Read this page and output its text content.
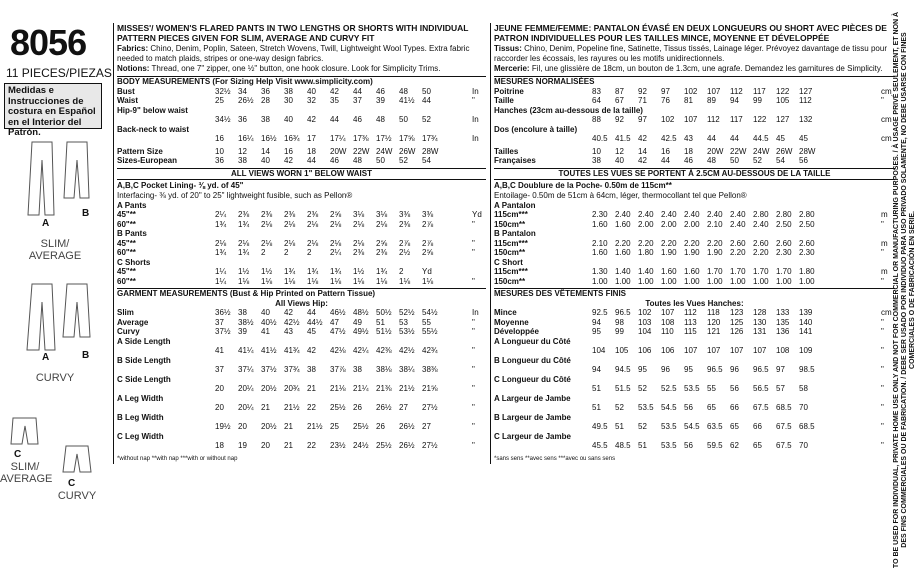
8056
11 PIECES/PIEZAS
Medidas e Instrucciones de costura en Español en el Interior del Patrón.
A
B
SLIM/ AVERAGE
A	B
CURVY
C
SLIM/ AVERAGE C
CURVY
MISSES'/ WOMEN'S FLARED PANTS IN TWO LENGTHS OR SHORTS WITH INDIVIDUAL PATTERN PIECES GIVEN FOR SLIM, AVERAGE AND CURVY FIT
Fabrics: Chino, Denim, Poplin, Sateen, Stretch Wovens, Twill, Lightweight Wool Types. Extra fabric needed to match plaids, stripes or one-way design fabrics.
Notions: Thread, one 7" zipper, one ½" button, one hook closure. Look for Simplicity Trims.
BODY MEASUREMENTS (For Sizing Help Visit www.simplicity.com)
Bust	32½ 34	36	38	40	42	44	46	48	50	In
Waist	25	26½ 28	30	32	35	37	39	41½ 44	"
Hip-9" below waist
34½ 36	38	40	42	44	46	48	50	52	In
Back-neck to waist
16	16¼ 16½ 16¾ 17	17¼ 17⅜ 17½ 17⅝ 17¾	In
Pattern Size	10	12	14	16	18	20W 22W 24W 26W 28W
Sizes-European	36	38	40	42	44	46	48	50	52	54
ALL VIEWS WORN 1" BELOW WAIST
A,B,C Pocket Lining- ⅜ yd. of 45"
Interfacing- ⅜ yd. of 20" to 25" lightweight fusible, such as Pellon®
A Pants
45"**	2¼	2⅜	2⅜	2⅜	2⅜	2⅝	3⅛	3⅛	3⅜	3⅜	Yd
60"**	1¾	1¾	2⅛	2⅛	2⅛	2⅛	2⅛	2⅛	2⅜	2⅞	"
B Pants
45"**	2⅛	2⅛	2⅛	2⅛	2⅛	2⅛	2⅛	2⅝	2⅞	2⅞	"
60"**	1¾	1¾	2	2	2	2¼	2⅜	2⅜	2½	2⅝	"
C Shorts
45"**	1¼	1½	1½	1¾	1¾	1¾	1½	1¾	2	Yd
60"**	1¼	1⅛	1⅛	1⅛	1⅛	1⅛	1⅛	1⅛	1⅛	1⅛	"
GARMENT MEASUREMENTS (Bust & Hip Printed on Pattern Tissue)
All Views Hip:
Slim	36½ 38	40	42	44	46½ 48½ 50½ 52½ 54½	In
Average	37	38½ 40½ 42½ 44½ 47	49	51	53	55	"
Curvy	37½ 39	41	43	45	47½ 49½ 51½ 53½ 55½	"
A Side Length
41	41¼ 41½ 41¾ 42	42⅛ 42¼ 42⅜ 42½ 42¾	"
B Side Length
37	37¼ 37½ 37¾ 38	37⅞ 38	38⅛ 38¼ 38⅜	"
C Side Length
20	20¼ 20½ 20¾ 21	21⅛ 21¼ 21⅜ 21½ 21⅝	"
A Leg Width
20	20¼ 21	21½ 22	25½ 26	26½ 27	27½	"
B Leg Width
19½ 20	20½ 21	21½ 25	25½ 26	26½ 27	"
C Leg Width
18	19	20	21	22	23½ 24½ 25½ 26½ 27½	"
*without nap **with nap ***with or without nap
JEUNE FEMME/FEMME: PANTALON ÉVASÉ EN DEUX LONGUEURS OU SHORT AVEC PIÈCES DE PATRON INDIVIDUELLES POUR LES TAILLES MINCE, MOYENNE ET DÉVELOPPÉE
Tissus: Chino, Denim, Popeline fine, Satinette, Tissus tissés, Lainage léger. Prévoyez davantage de tissu pour raccorder les écossais, les rayures ou les motifs unidirectionnels.
Mercerie: Fil, une glissière de 18cm, un bouton de 1.3cm, une agrafe. Demandez les garnitures de Simplicity.
MESURES NORMALISÉES
Poitrine	83	87	92	97	102	107	112	117	122	127	cm
Taille	64	67	71	76	81	89	94	99	105	112	"
Hanches (23cm au-dessous de la taille)
88	92	97	102	107	112	117	122	127	132	cm
Dos (encolure à taille)
40.5 41.5 42	42.5 43	44	44	44.5 45	45	cm
Tailles	10	12	14	16	18	20W 22W 24W 26W 28W
Françaises	38	40	42	44	46	48	50	52	54	56
TOUTES LES VUES SE PORTENT À 2.5CM AU-DESSOUS DE LA TAILLE
A,B,C Doublure de la Poche- 0.50m de 115cm**
Entoilage- 0.50m de 51cm à 64cm, léger, thermocollant tel que Pellon®
A Pantalon
115cm***	2.30 2.40 2.40 2.40 2.40 2.40 2.40 2.80 2.80 2.80	m
150cm**	1.60 1.60 2.00 2.00 2.00 2.10 2.40 2.40 2.50 2.50	"
B Pantalon
115cm***	2.10 2.20 2.20 2.20 2.20 2.20 2.60 2.60 2.60 2.60	m
150cm**	1.60 1.60 1.80 1.90 1.90 1.90 2.20 2.20 2.30 2.30	"
C Short
115cm***	1.30 1.40 1.40 1.60 1.60 1.70 1.70 1.70 1.70 1.80	m
150cm**	1.00 1.00 1.00 1.00 1.00 1.00 1.00 1.00 1.00 1.00	"
MESURES DES VÊTEMENTS FINIS
Toutes les Vues Hanches:
Mince	92.5 96.5 102	107	112	118	123	128	133	139	cm
Moyenne	94	98	103	108	113	120	125	130	135	140	"
Développée	95	99	104	110	115	121	126	131	136	141	"
A Longueur du Côté
104	105	106	106	107	107	107	107	108	109	"
B Longueur du Côté
94	94.5 95	96	95	96.5 96	96.5 97	98.5	"
C Longueur du Côté
51	51.5 52	52.5 53.5 55	56	56.5 57	58	"
A Largeur de Jambe
51	52	53.5 54.5 56	65	66	67.5 68.5 70	"
B Largeur de Jambe
49.5 51	52	53.5 54.5 63.5 65	66	67.5 68.5	"
C Largeur de Jambe
45.5 48.5 51	53.5 56	59.5 62	65	67.5 70	"
*sans sens **avec sens ***avec ou sans sens	TO BE USED FOR INDIVIDUAL, PRIVATE HOME USE ONLY AND NOT FOR COMMERCIAL OR MANUFACTURING PURPOSES. / À USAGE PRIVÉ SEULEMENT, ET NON À DES FINS COMMERCIALES OU DE FABRICATION. / DEBE SER USADO POR INDIVIDUO PARA USO PRIVADO SOLAMENTE, NO DEBE USARSE CON FINES COMERCIALES O DE FABRICACIÓN EN SERIE.
